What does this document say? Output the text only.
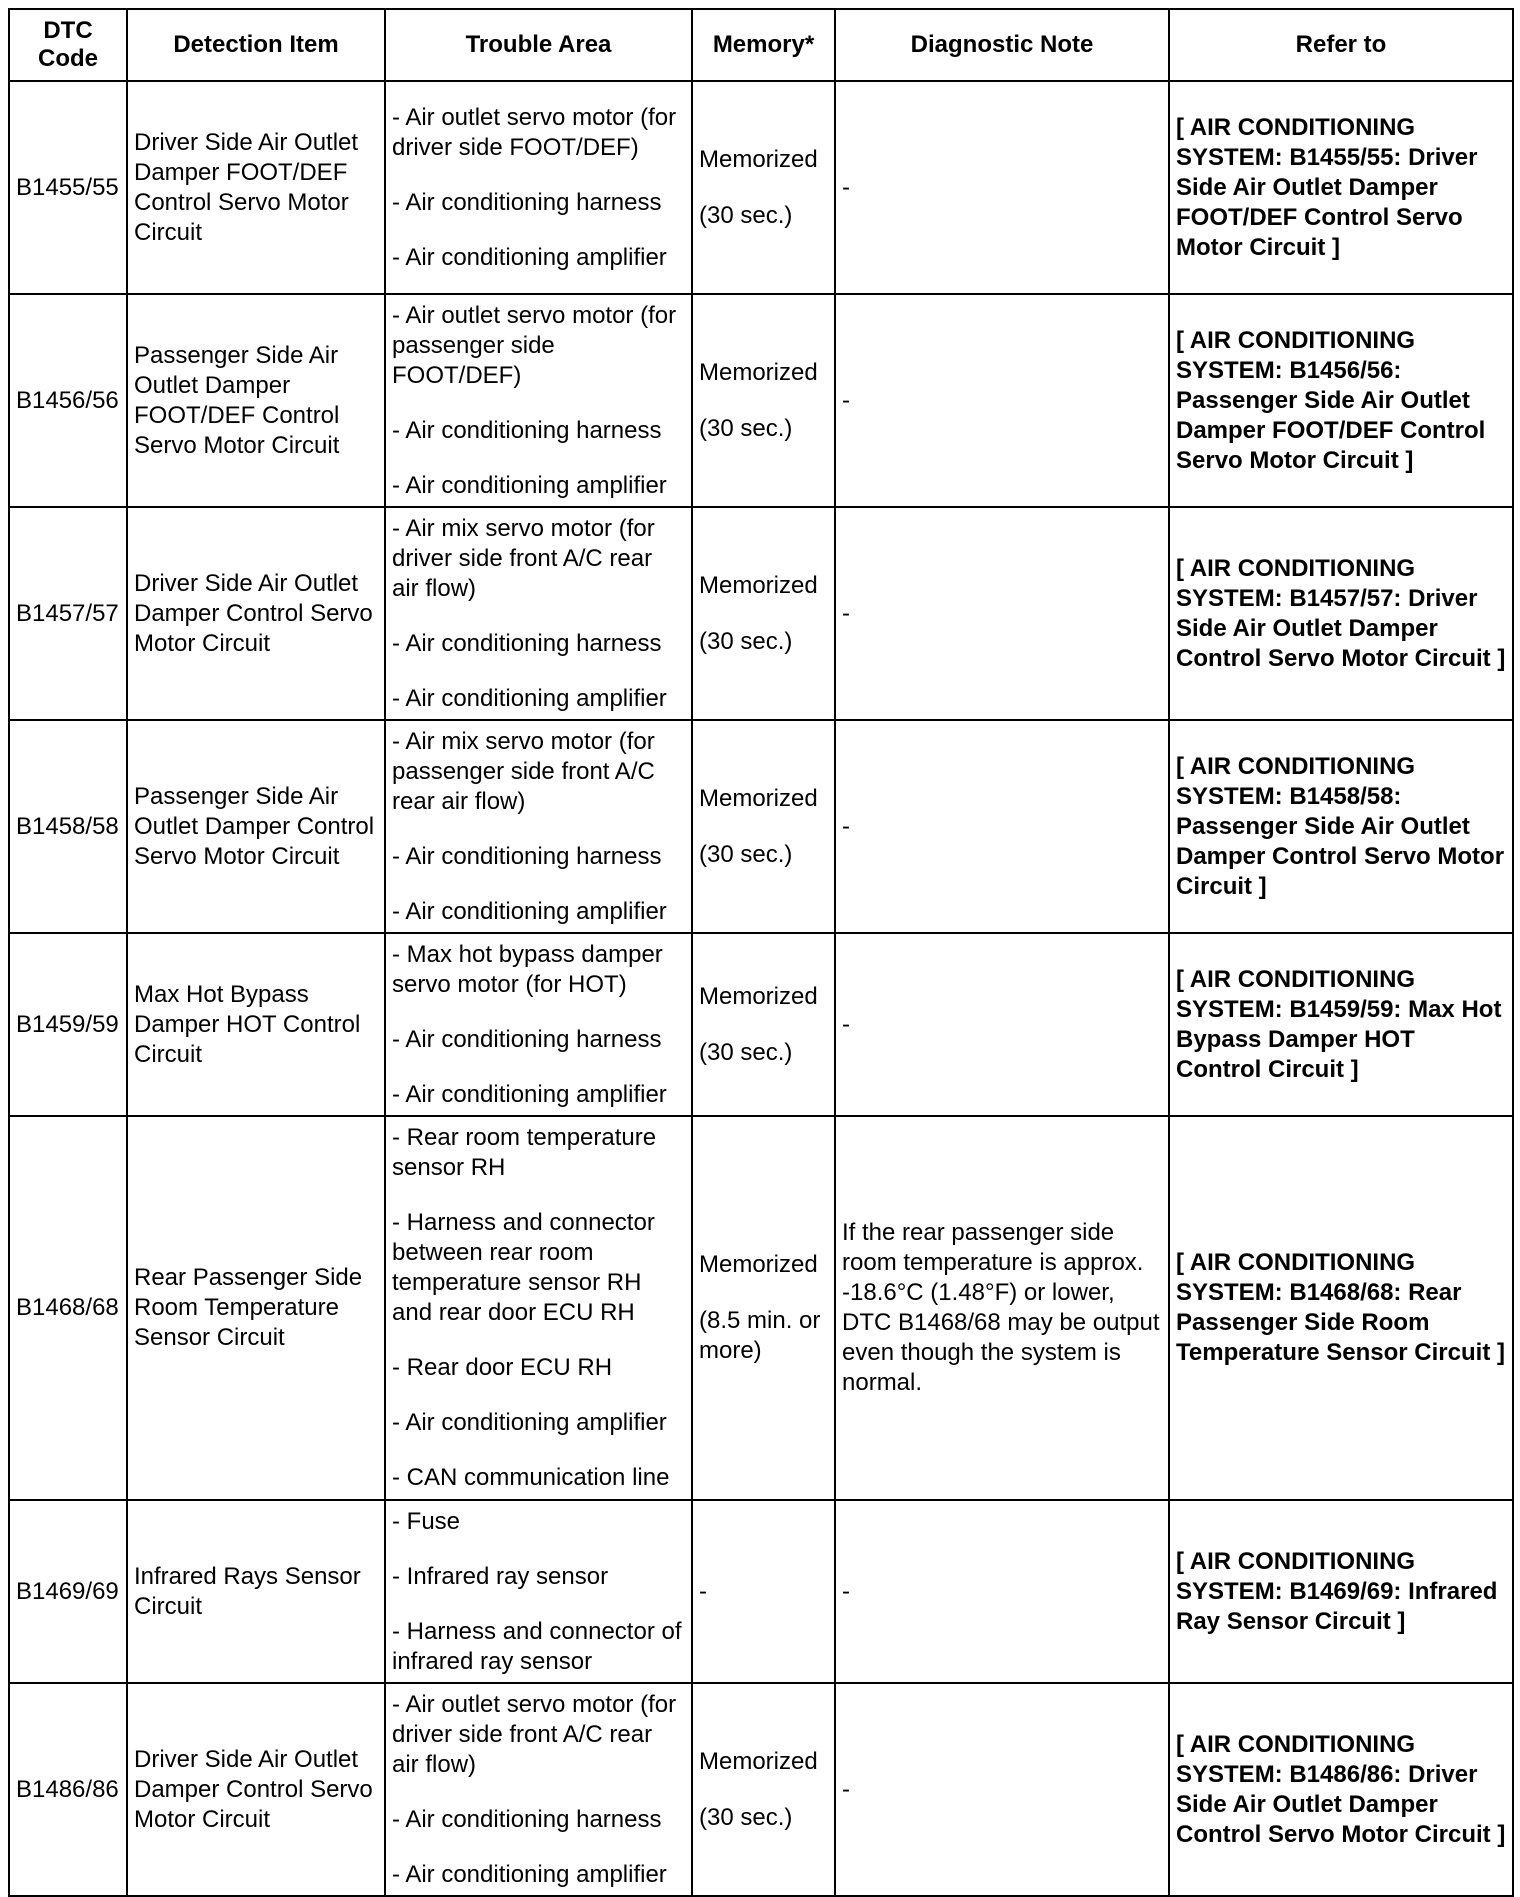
DTC Code	Detection Item	Trouble Area	Memory*	Diagnostic Note	Refer to
B1455/55	Driver Side Air Outlet Damper FOOT/DEF Control Servo Motor Circuit	- Air outlet servo motor (for driver side FOOT/DEF)
- Air conditioning harness
- Air conditioning amplifier	Memorized
(30 sec.)	-	[ AIR CONDITIONING SYSTEM: B1455/55: Driver Side Air Outlet Damper FOOT/DEF Control Servo Motor Circuit ]
B1456/56	Passenger Side Air Outlet Damper FOOT/DEF Control Servo Motor Circuit	- Air outlet servo motor (for passenger side FOOT/DEF)
- Air conditioning harness
- Air conditioning amplifier	Memorized
(30 sec.)	-	[ AIR CONDITIONING SYSTEM: B1456/56: Passenger Side Air Outlet Damper FOOT/DEF Control Servo Motor Circuit ]
B1457/57	Driver Side Air Outlet Damper Control Servo Motor Circuit	- Air mix servo motor (for driver side front A/C rear air flow)
- Air conditioning harness
- Air conditioning amplifier	Memorized
(30 sec.)	-	[ AIR CONDITIONING SYSTEM: B1457/57: Driver Side Air Outlet Damper Control Servo Motor Circuit ]
B1458/58	Passenger Side Air Outlet Damper Control Servo Motor Circuit	- Air mix servo motor (for passenger side front A/C rear air flow)
- Air conditioning harness
- Air conditioning amplifier	Memorized
(30 sec.)	-	[ AIR CONDITIONING SYSTEM: B1458/58: Passenger Side Air Outlet Damper Control Servo Motor Circuit ]
B1459/59	Max Hot Bypass Damper HOT Control Circuit	- Max hot bypass damper servo motor (for HOT)
- Air conditioning harness
- Air conditioning amplifier	Memorized
(30 sec.)	-	[ AIR CONDITIONING SYSTEM: B1459/59: Max Hot Bypass Damper HOT Control Circuit ]
B1468/68	Rear Passenger Side Room Temperature Sensor Circuit	- Rear room temperature sensor RH
- Harness and connector between rear room temperature sensor RH and rear door ECU RH
- Rear door ECU RH
- Air conditioning amplifier
- CAN communication line	Memorized
(8.5 min. or more)	If the rear passenger side room temperature is approx. -18.6°C (1.48°F) or lower, DTC B1468/68 may be output even though the system is normal.	[ AIR CONDITIONING SYSTEM: B1468/68: Rear Passenger Side Room Temperature Sensor Circuit ]
B1469/69	Infrared Rays Sensor Circuit	- Fuse
- Infrared ray sensor
- Harness and connector of infrared ray sensor	-	-	[ AIR CONDITIONING SYSTEM: B1469/69: Infrared Ray Sensor Circuit ]
B1486/86	Driver Side Air Outlet Damper Control Servo Motor Circuit	- Air outlet servo motor (for driver side front A/C rear air flow)
- Air conditioning harness
- Air conditioning amplifier	Memorized
(30 sec.)	-	[ AIR CONDITIONING SYSTEM: B1486/86: Driver Side Air Outlet Damper Control Servo Motor Circuit ]
